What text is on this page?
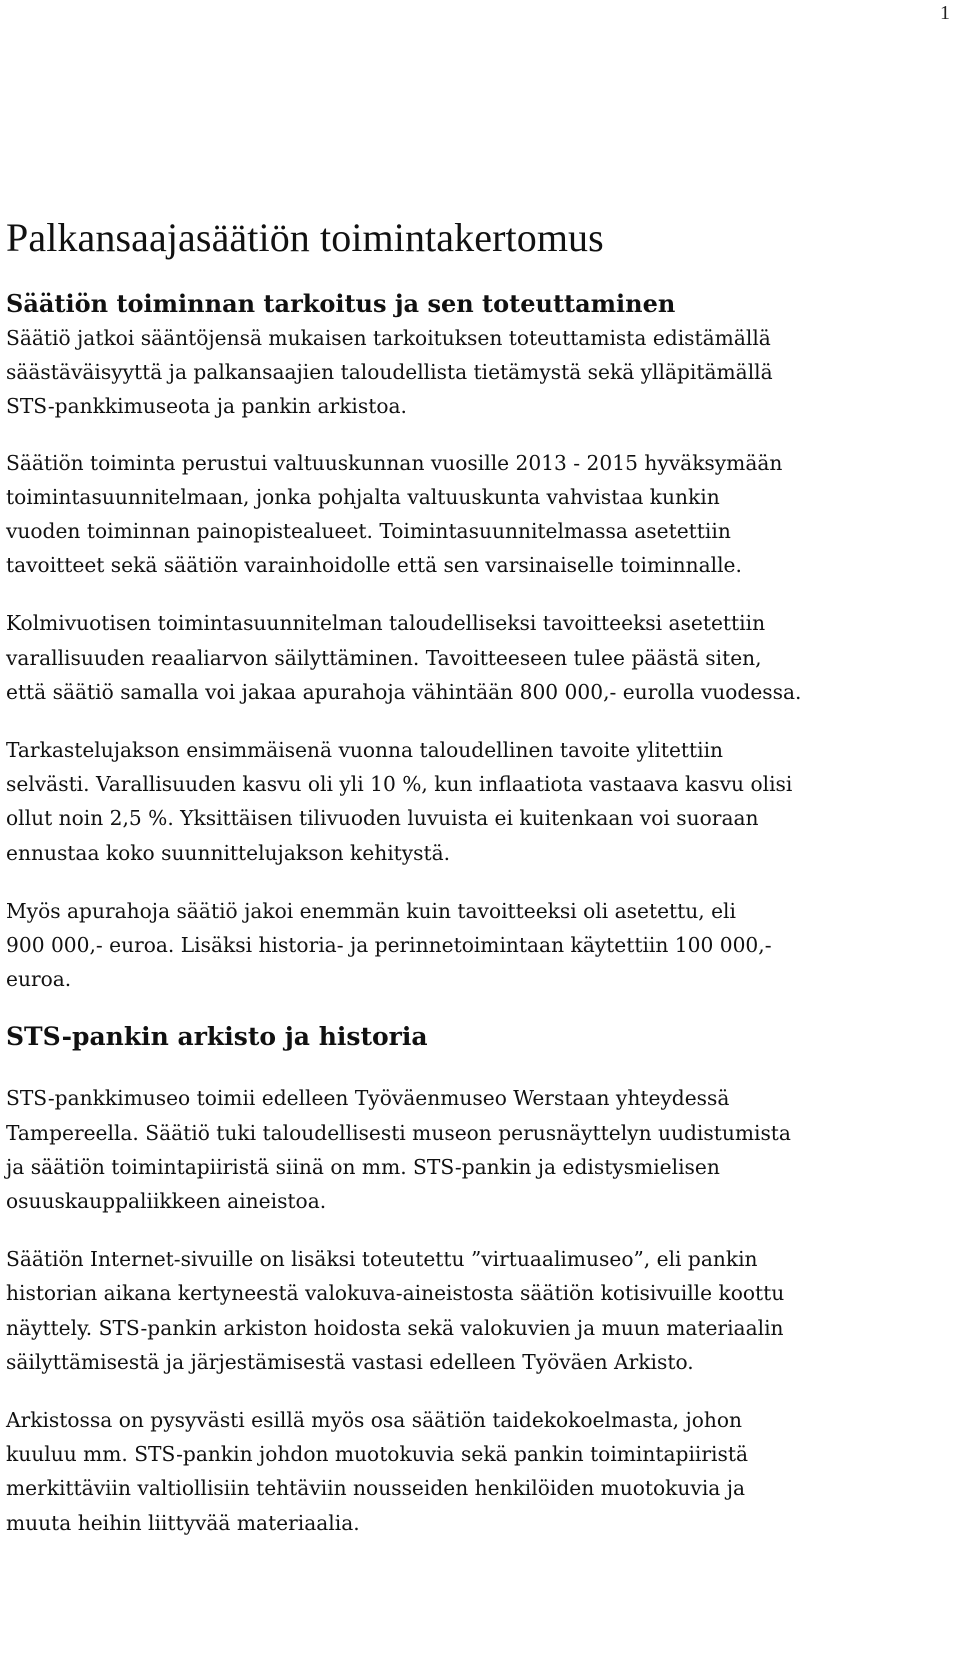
1
Palkansaajasäätiön toimintakertomus
Säätiön toiminnan tarkoitus ja sen toteuttaminen

Säätiö jatkoi sääntöjensä mukaisen tarkoituksen toteuttamista edistämällä
säästäväisyyttä ja palkansaajien taloudellista tietämystä sekä ylläpitämällä
STS-pankkimuseota ja pankin arkistoa.

Säätiön toiminta perustui valtuuskunnan vuosille 2013 - 2015 hyväksymään
toimintasuunnitelmaan, jonka pohjalta valtuuskunta vahvistaa kunkin
vuoden toiminnan painopistealueet. Toimintasuunnitelmassa asetettiin
tavoitteet sekä säätiön varainhoidolle että sen varsinaiselle toiminnalle.

Kolmivuotisen toimintasuunnitelman taloudelliseksi tavoitteeksi asetettiin
varallisuuden reaaliarvon säilyttäminen. Tavoitteeseen tulee päästä siten,
että säätiö samalla voi jakaa apurahoja vähintään 800 000,- eurolla vuodessa.

Tarkastelujakson ensimmäisenä vuonna taloudellinen tavoite ylitettiin
selvästi. Varallisuuden kasvu oli yli 10 %, kun inflaatiota vastaava kasvu olisi
ollut noin 2,5 %. Yksittäisen tilivuoden luvuista ei kuitenkaan voi suoraan
ennustaa koko suunnittelujakson kehitystä.

Myös apurahoja säätiö jakoi enemmän kuin tavoitteeksi oli asetettu, eli
900 000,- euroa. Lisäksi historia- ja perinnetoimintaan käytettiin 100 000,-
euroa.

STS-pankin arkisto ja historia

STS-pankkimuseo toimii edelleen Työväenmuseo Werstaan yhteydessä
Tampereella. Säätiö tuki taloudellisesti museon perusnäyttelyn uudistumista
ja säätiön toimintapiiristä siinä on mm. STS-pankin ja edistysmielisen
osuuskauppaliikkeen aineistoa.

Säätiön Internet-sivuille on lisäksi toteutettu ”virtuaalimuseo”, eli pankin
historian aikana kertyneestä valokuva-aineistosta säätiön kotisivuille koottu
näyttely. STS-pankin arkiston hoidosta sekä valokuvien ja muun materiaalin
säilyttämisestä ja järjestämisestä vastasi edelleen Työväen Arkisto.

Arkistossa on pysyvästi esillä myös osa säätiön taidekokoelmasta, johon
kuuluu mm. STS-pankin johdon muotokuvia sekä pankin toimintapiiristä
merkittäviin valtiollisiin tehtäviin nousseiden henkilöiden muotokuvia ja
muuta heihin liittyvää materiaalia.
